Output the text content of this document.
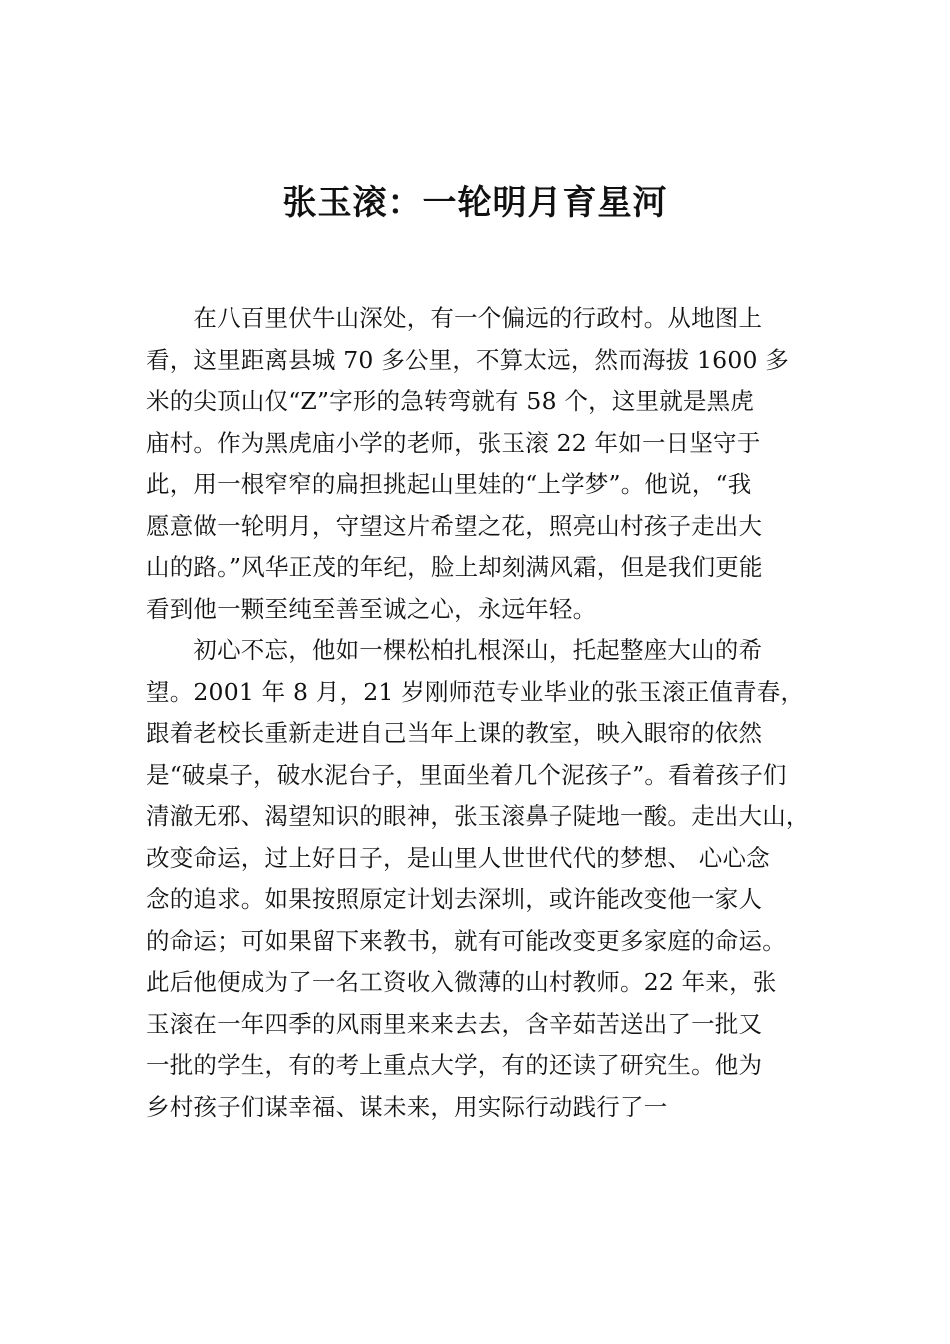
张玉滚：一轮明月育星河
　　在八百里伏牛山深处，有一个偏远的行政村。从地图上
看，这里距离县城 70 多公里，不算太远，然而海拔 1600 多
米的尖顶山仅“Z”字形的急转弯就有 58 个，这里就是黑虎
庙村。作为黑虎庙小学的老师，张玉滚 22 年如一日坚守于
此，用一根窄窄的扁担挑起山里娃的“上学梦”。他说，“我
愿意做一轮明月，守望这片希望之花，照亮山村孩子走出大
山的路。”风华正茂的年纪，脸上却刻满风霜，但是我们更能
看到他一颗至纯至善至诚之心，永远年轻。
　　初心不忘，他如一棵松柏扎根深山，托起整座大山的希
望。2001 年 8 月，21 岁刚师范专业毕业的张玉滚正值青春，
跟着老校长重新走进自己当年上课的教室，映入眼帘的依然
是“破桌子，破水泥台子，里面坐着几个泥孩子”。看着孩子们
清澈无邪、渴望知识的眼神，张玉滚鼻子陡地一酸。走出大山，
改变命运，过上好日子，是山里人世世代代的梦想、 心心念
念的追求。如果按照原定计划去深圳，或许能改变他一家人
的命运；可如果留下来教书，就有可能改变更多家庭的命运。
此后他便成为了一名工资收入微薄的山村教师。22 年来，张
玉滚在一年四季的风雨里来来去去，含辛茹苦送出了一批又
一批的学生，有的考上重点大学，有的还读了研究生。他为
乡村孩子们谋幸福、谋未来，用实际行动践行了一
